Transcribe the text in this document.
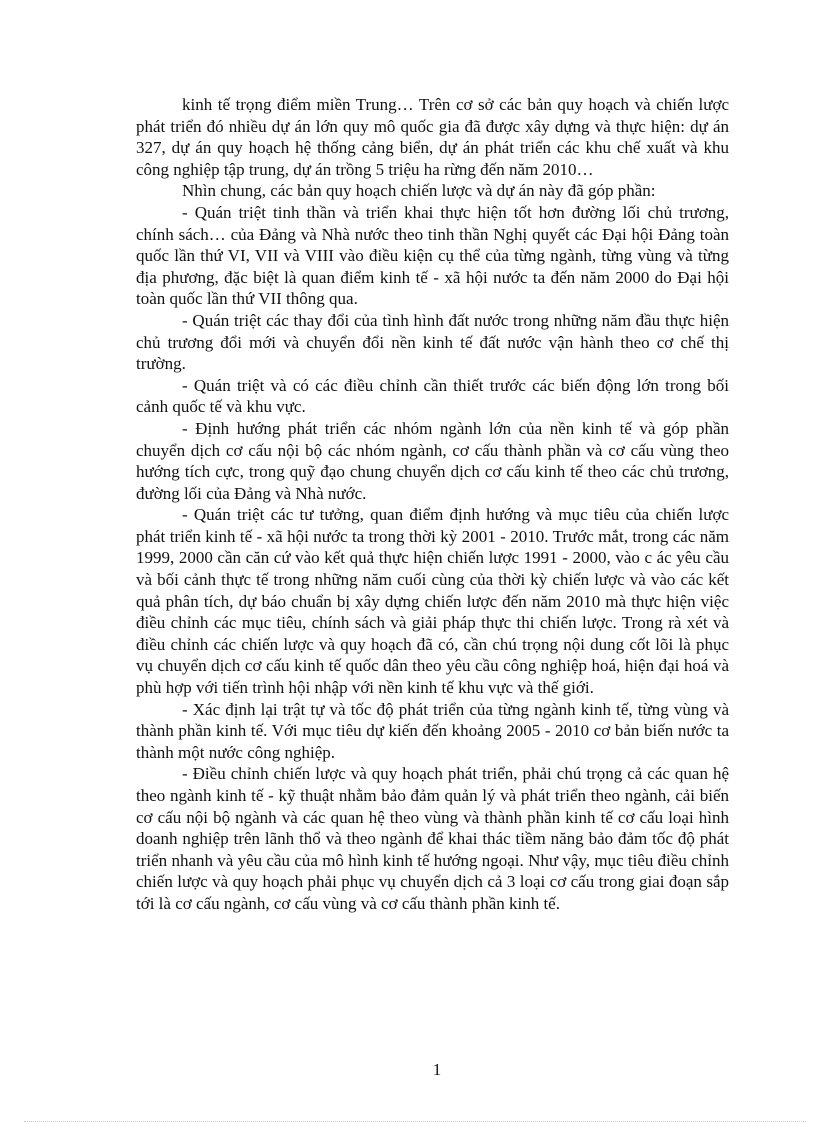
kinh tế trọng điểm miền Trung… Trên cơ sở các bản quy hoạch và chiến lược phát triển đó nhiều dự án lớn quy mô quốc gia đã được xây dựng và thực hiện: dự án 327, dự án quy hoạch hệ thống cảng biển, dự án phát triển các khu chế xuất và khu công nghiệp tập trung, dự án trồng 5 triệu ha rừng đến năm 2010…

Nhìn chung, các bản quy hoạch chiến lược và dự án này đã góp phần:

- Quán triệt tinh thần và triển khai thực hiện tốt hơn đường lối chủ trương, chính sách… của Đảng và Nhà nước theo tinh thần Nghị quyết các Đại hội Đảng toàn quốc lần thứ VI, VII và VIII vào điều kiện cụ thể của từng ngành, từng vùng và từng địa phương, đặc biệt là quan điểm kinh tế - xã hội nước ta đến năm 2000 do Đại hội toàn quốc lần thứ VII thông qua.

- Quán triệt các thay đổi của tình hình đất nước trong những năm đầu thực hiện chủ trương đổi mới và chuyển đổi nền kinh tế đất nước vận hành theo cơ chế thị trường.

- Quán triệt và có các điều chỉnh cần thiết trước các biến động lớn trong bối cảnh quốc tế và khu vực.

- Định hướng phát triển các nhóm ngành lớn của nền kinh tế và góp phần chuyển dịch cơ cấu nội bộ các nhóm ngành, cơ cấu thành phần và cơ cấu vùng theo hướng tích cực, trong quỹ đạo chung chuyển dịch cơ cấu kinh tế theo các chủ trương, đường lối của Đảng và Nhà nước.

- Quán triệt các tư tưởng, quan điểm định hướng và mục tiêu của chiến lược phát triển kinh tế - xã hội nước ta trong thời kỳ 2001 - 2010. Trước mắt, trong các năm 1999, 2000 cần căn cứ vào kết quả thực hiện chiến lược 1991 - 2000, vào c ác yêu cầu và bối cảnh thực tế trong những năm cuối cùng của thời kỳ chiến lược và vào các kết quả phân tích, dự báo chuẩn bị xây dựng chiến lược đến năm 2010 mà thực hiện việc điều chỉnh các mục tiêu, chính sách và giải pháp thực thi chiến lược. Trong rà xét và điều chỉnh các chiến lược và quy hoạch đã có, cần chú trọng nội dung cốt lõi là phục vụ chuyển dịch cơ cấu kinh tế quốc dân theo yêu cầu công nghiệp hoá, hiện đại hoá và phù hợp với tiến trình hội nhập với nền kinh tế khu vực và thế giới.

- Xác định lại trật tự và tốc độ phát triển của từng ngành kinh tế, từng vùng và thành phần kinh tế. Với mục tiêu dự kiến đến khoảng 2005 - 2010 cơ bản biến nước ta thành một nước công nghiệp.

- Điều chỉnh chiến lược và quy hoạch phát triển, phải chú trọng cả các quan hệ theo ngành kinh tế - kỹ thuật nhằm bảo đảm quản lý và phát triển theo ngành, cải biến cơ cấu nội bộ ngành và các quan hệ theo vùng và thành phần kinh tế cơ cấu loại hình doanh nghiệp trên lãnh thổ và theo ngành để khai thác tiềm năng bảo đảm tốc độ phát triển nhanh và yêu cầu của mô hình kinh tế hướng ngoại. Như vậy, mục tiêu điều chỉnh chiến lược và quy hoạch phải phục vụ chuyển dịch cả 3 loại cơ cấu trong giai đoạn sắp tới là cơ cấu ngành, cơ cấu vùng và cơ cấu thành phần kinh tế.

1
